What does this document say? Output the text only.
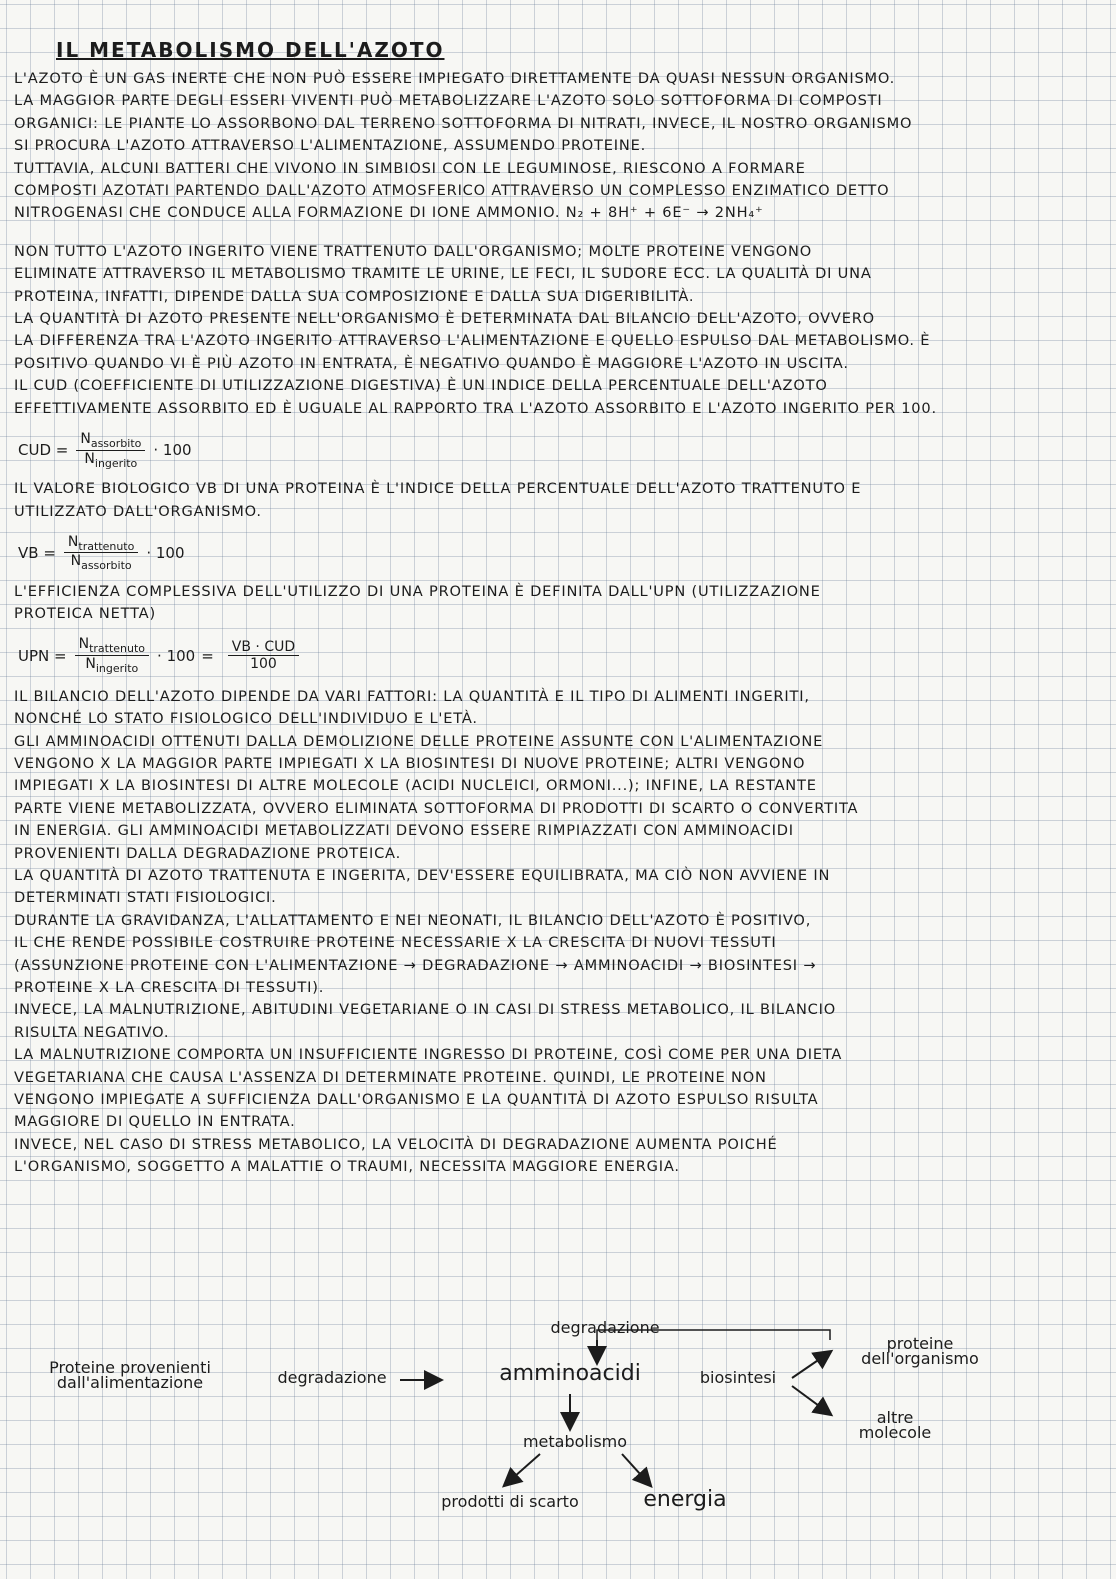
IL METABOLISMO DELL'AZOTO
L'AZOTO È UN GAS INERTE CHE NON PUÒ ESSERE IMPIEGATO DIRETTAMENTE DA QUASI NESSUN ORGANISMO.
LA MAGGIOR PARTE DEGLI ESSERI VIVENTI PUÒ METABOLIZZARE L'AZOTO SOLO SOTTOFORMA DI COMPOSTI
ORGANICI: LE PIANTE LO ASSORBONO DAL TERRENO SOTTOFORMA DI NITRATI, INVECE, IL NOSTRO ORGANISMO
SI PROCURA L'AZOTO ATTRAVERSO L'ALIMENTAZIONE, ASSUMENDO PROTEINE.
TUTTAVIA, ALCUNI BATTERI CHE VIVONO IN SIMBIOSI CON LE LEGUMINOSE, RIESCONO A FORMARE
COMPOSTI AZOTATI PARTENDO DALL'AZOTO ATMOSFERICO ATTRAVERSO UN COMPLESSO ENZIMATICO DETTO
NITROGENASI CHE CONDUCE ALLA FORMAZIONE DI IONE AMMONIO. N₂ + 8H⁺ + 6E⁻ → 2NH₄⁺
NON TUTTO L'AZOTO INGERITO VIENE TRATTENUTO DALL'ORGANISMO; MOLTE PROTEINE VENGONO
ELIMINATE ATTRAVERSO IL METABOLISMO TRAMITE LE URINE, LE FECI, IL SUDORE ECC. LA QUALITÀ DI UNA
PROTEINA, INFATTI, DIPENDE DALLA SUA COMPOSIZIONE E DALLA SUA DIGERIBILITÀ.
LA QUANTITÀ DI AZOTO PRESENTE NELL'ORGANISMO È DETERMINATA DAL BILANCIO DELL'AZOTO, OVVERO
LA DIFFERENZA TRA L'AZOTO INGERITO ATTRAVERSO L'ALIMENTAZIONE E QUELLO ESPULSO DAL METABOLISMO. È
POSITIVO QUANDO VI È PIÙ AZOTO IN ENTRATA, È NEGATIVO QUANDO È MAGGIORE L'AZOTO IN USCITA.
IL CUD (COEFFICIENTE DI UTILIZZAZIONE DIGESTIVA) È UN INDICE DELLA PERCENTUALE DELL'AZOTO
EFFETTIVAMENTE ASSORBITO ED È UGUALE AL RAPPORTO TRA L'AZOTO ASSORBITO E L'AZOTO INGERITO PER 100.
CUD = $\frac{N_{assorbito}}{N_{ingerito}} \cdot 100$
IL VALORE BIOLOGICO VB DI UNA PROTEINA È L'INDICE DELLA PERCENTUALE DELL'AZOTO TRATTENUTO E
UTILIZZATO DALL'ORGANISMO.
VB = $\frac{N_{trattenuto}}{N_{assorbito}} \cdot 100$
L'EFFICIENZA COMPLESSIVA DELL'UTILIZZO DI UNA PROTEINA È DEFINITA DALL'UPN (UTILIZZAZIONE
PROTEICA NETTA)
UPN = $\frac{N_{trattenuto}}{N_{ingerito}} \cdot 100 = \frac{\text{VB · CUD}}{100}$
IL BILANCIO DELL'AZOTO DIPENDE DA VARI FATTORI: LA QUANTITÀ E IL TIPO DI ALIMENTI INGERITI,
NONCHÉ LO STATO FISIOLOGICO DELL'INDIVIDUO E L'ETÀ.
GLI AMMINOACIDI OTTENUTI DALLA DEMOLIZIONE DELLE PROTEINE ASSUNTE CON L'ALIMENTAZIONE
VENGONO X LA MAGGIOR PARTE IMPIEGATI X LA BIOSINTESI DI NUOVE PROTEINE; ALTRI VENGONO
IMPIEGATI X LA BIOSINTESI DI ALTRE MOLECOLE (ACIDI NUCLEICI, ORMONI...); INFINE, LA RESTANTE
PARTE VIENE METABOLIZZATA, OVVERO ELIMINATA SOTTOFORMA DI PRODOTTI DI SCARTO O CONVERTITA
IN ENERGIA. GLI AMMINOACIDI METABOLIZZATI DEVONO ESSERE RIMPIAZZATI CON AMMINOACIDI
PROVENIENTI DALLA DEGRADAZIONE PROTEICA.
LA QUANTITÀ DI AZOTO TRATTENUTA E INGERITA, DEV'ESSERE EQUILIBRATA, MA CIÒ NON AVVIENE IN
DETERMINATI STATI FISIOLOGICI.
DURANTE LA GRAVIDANZA, L'ALLATTAMENTO E NEI NEONATI, IL BILANCIO DELL'AZOTO È POSITIVO,
IL CHE RENDE POSSIBILE COSTRUIRE PROTEINE NECESSARIE X LA CRESCITA DI NUOVI TESSUTI
(ASSUNZIONE PROTEINE CON L'ALIMENTAZIONE → DEGRADAZIONE → AMMINOACIDI → BIOSINTESI →
PROTEINE X LA CRESCITA DI TESSUTI).
INVECE, LA MALNUTRIZIONE, ABITUDINI VEGETARIANE O IN CASI DI STRESS METABOLICO, IL BILANCIO
RISULTA NEGATIVO.
LA MALNUTRIZIONE COMPORTA UN INSUFFICIENTE INGRESSO DI PROTEINE, COSÌ COME PER UNA DIETA
VEGETARIANA CHE CAUSA L'ASSENZA DI DETERMINATE PROTEINE. QUINDI, LE PROTEINE NON
VENGONO IMPIEGATE A SUFFICIENZA DALL'ORGANISMO E LA QUANTITÀ DI AZOTO ESPULSO RISULTA
MAGGIORE DI QUELLO IN ENTRATA.
INVECE, NEL CASO DI STRESS METABOLICO, LA VELOCITÀ DI DEGRADAZIONE AUMENTA POICHÉ
L'ORGANISMO, SOGGETTO A MALATTIE O TRAUMI, NECESSITA MAGGIORE ENERGIA.
Proteine provenienti dall'alimentazione	degradazione
degradazione
amminoacidi	biosintesi
proteine dell'organismo
altre molecole
metabolismo
prodotti di scarto	energia
